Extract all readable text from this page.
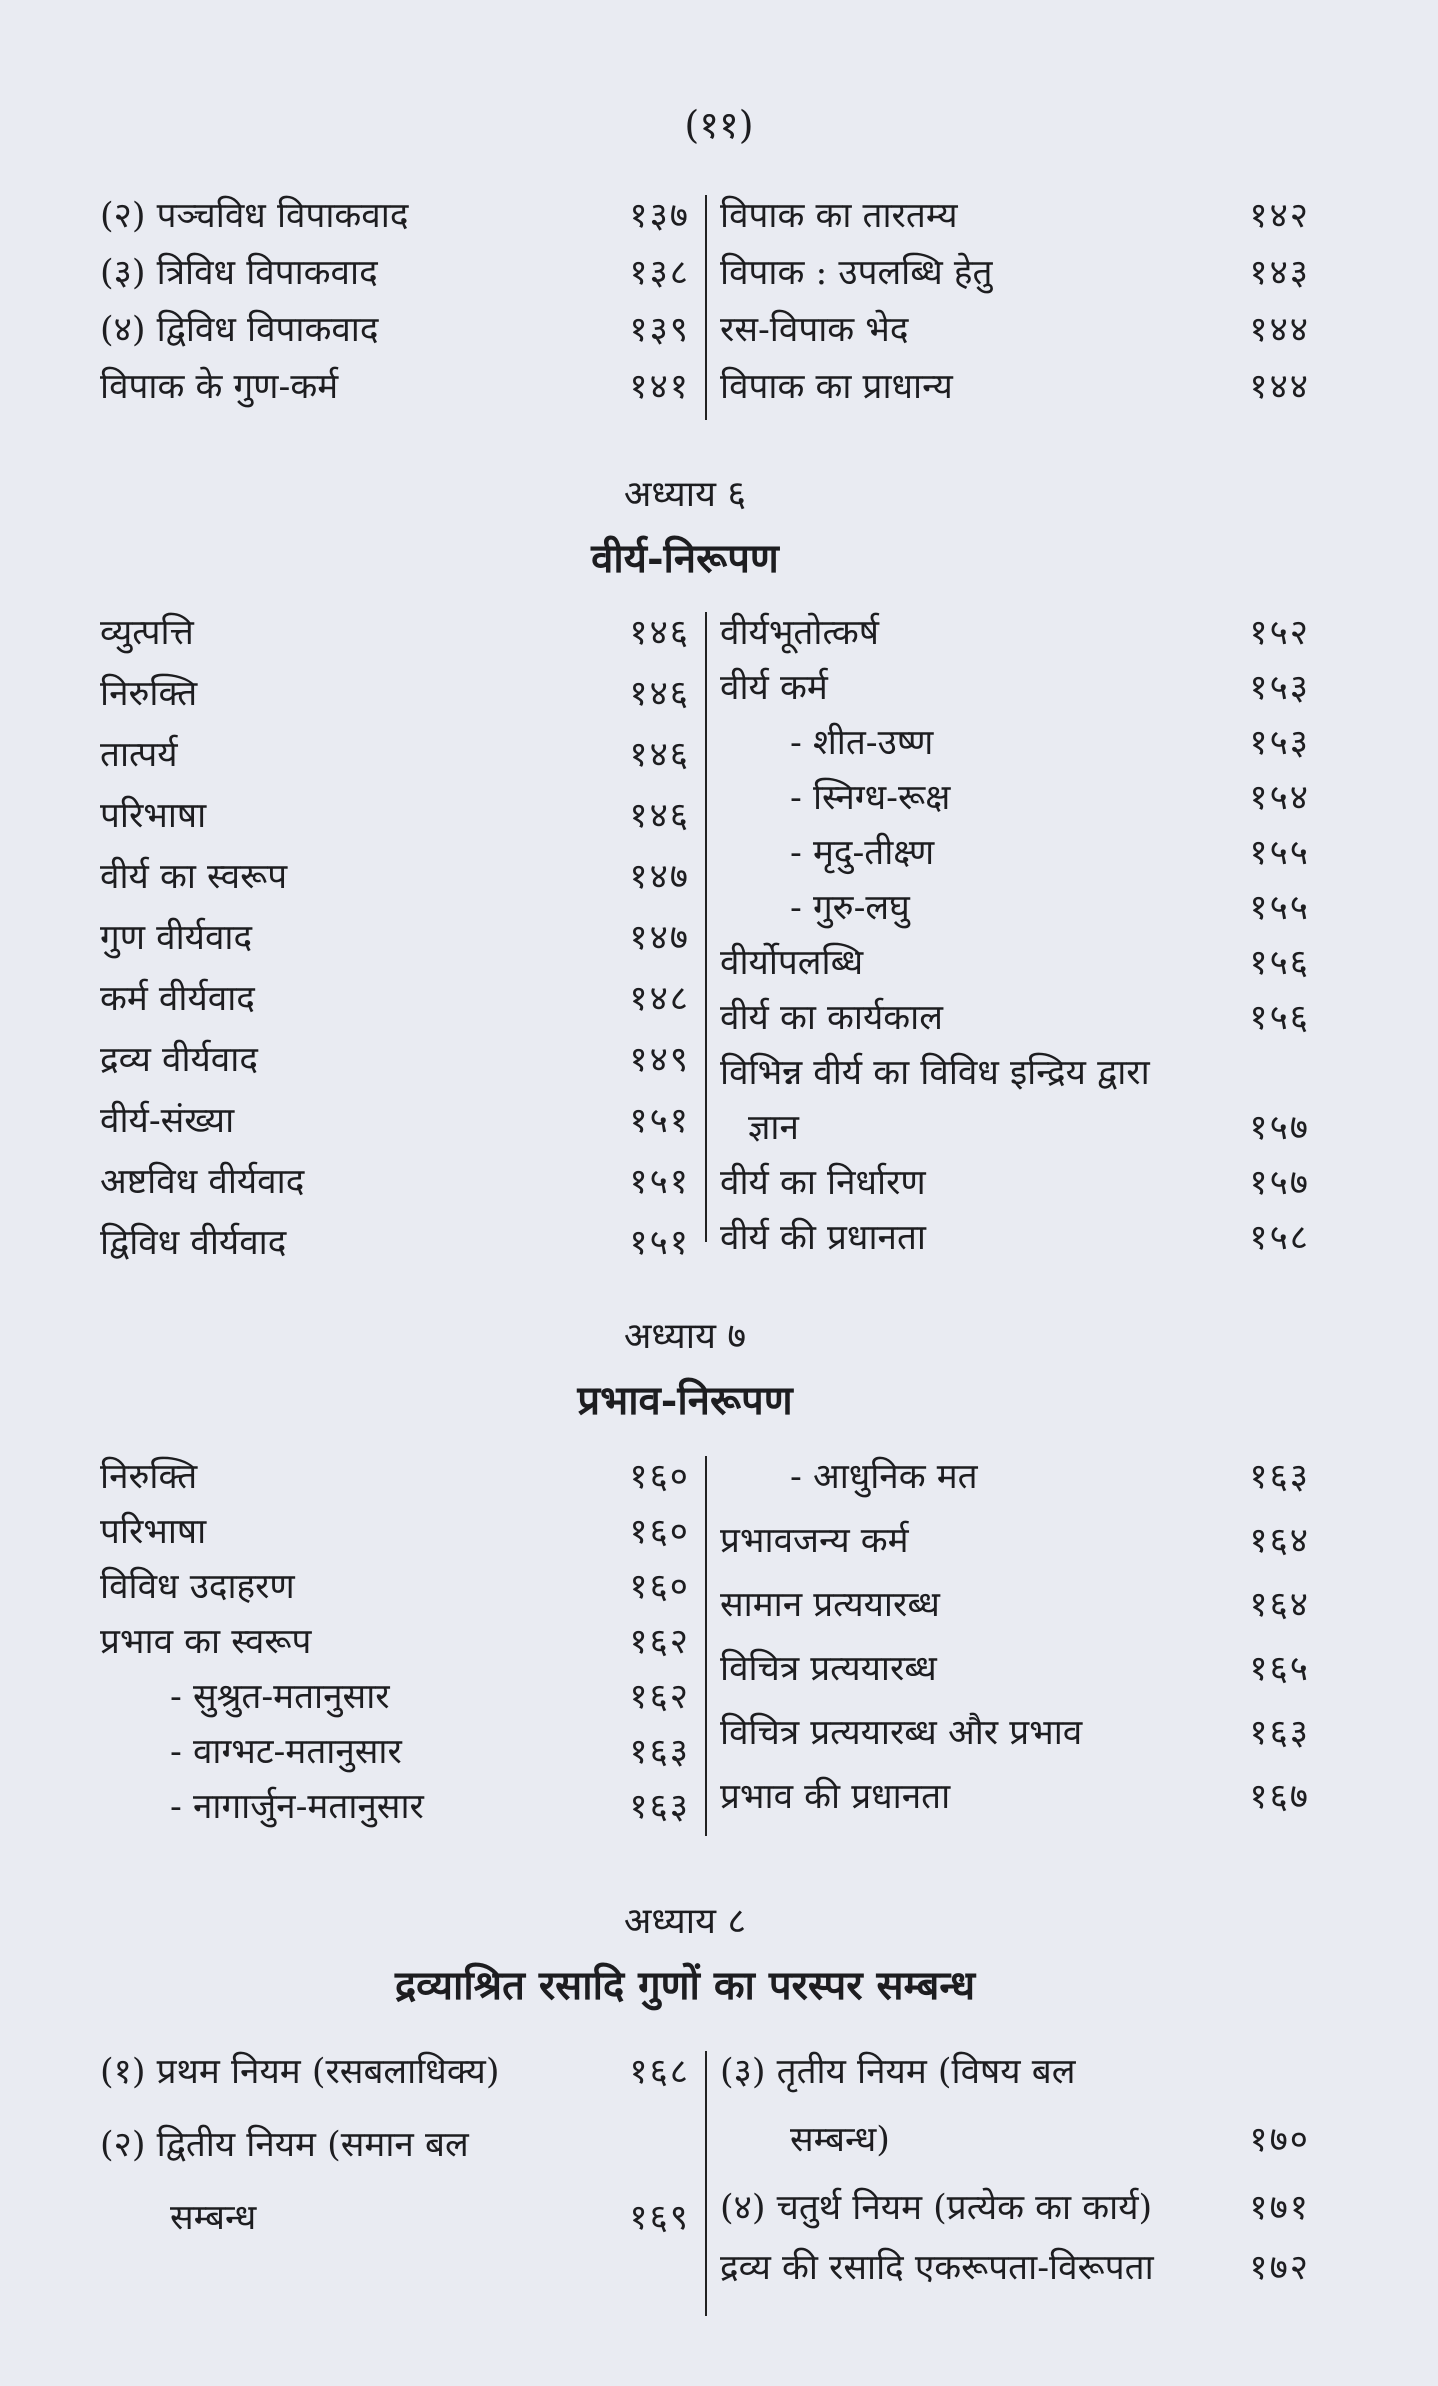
(११)
(२) पञ्चविध विपाकवाद	१३७
(३) त्रिविध विपाकवाद	१३८
(४) द्विविध विपाकवाद	१३९
विपाक के गुण-कर्म	१४१
विपाक का तारतम्य	१४२
विपाक : उपलब्धि हेतु	१४३
रस-विपाक भेद	१४४
विपाक का प्राधान्य	१४४
अध्याय ६
वीर्य-निरूपण
व्युत्पत्ति	१४६
निरुक्ति	१४६
तात्पर्य	१४६
परिभाषा	१४६
वीर्य का स्वरूप	१४७
गुण वीर्यवाद	१४७
कर्म वीर्यवाद	१४८
द्रव्य वीर्यवाद	१४९
वीर्य-संख्या	१५१
अष्टविध वीर्यवाद	१५१
द्विविध वीर्यवाद	१५१
वीर्यभूतोत्कर्ष	१५२
वीर्य कर्म	१५३
- शीत-उष्ण	१५३
- स्निग्ध-रूक्ष	१५४
- मृदु-तीक्ष्ण	१५५
- गुरु-लघु	१५५
वीर्योपलब्धि	१५६
वीर्य का कार्यकाल	१५६
विभिन्न वीर्य का विविध इन्द्रिय द्वारा
ज्ञान	१५७
वीर्य का निर्धारण	१५७
वीर्य की प्रधानता	१५८
अध्याय ७
प्रभाव-निरूपण
निरुक्ति	१६०
परिभाषा	१६०
विविध उदाहरण	१६०
प्रभाव का स्वरूप	१६२
- सुश्रुत-मतानुसार	१६२
- वाग्भट-मतानुसार	१६३
- नागार्जुन-मतानुसार	१६३
- आधुनिक मत	१६३
प्रभावजन्य कर्म	१६४
सामान प्रत्ययारब्ध	१६४
विचित्र प्रत्ययारब्ध	१६५
विचित्र प्रत्ययारब्ध और प्रभाव	१६३
प्रभाव की प्रधानता	१६७
अध्याय ८
द्रव्याश्रित रसादि गुणों का परस्पर सम्बन्ध
(१) प्रथम नियम (रसबलाधिक्य)	१६८
(२) द्वितीय नियम (समान बल
सम्बन्ध	१६९
(३) तृतीय नियम (विषय बल
सम्बन्ध)	१७०
(४) चतुर्थ नियम (प्रत्येक का कार्य)	१७१
द्रव्य की रसादि एकरूपता-विरूपता	१७२
